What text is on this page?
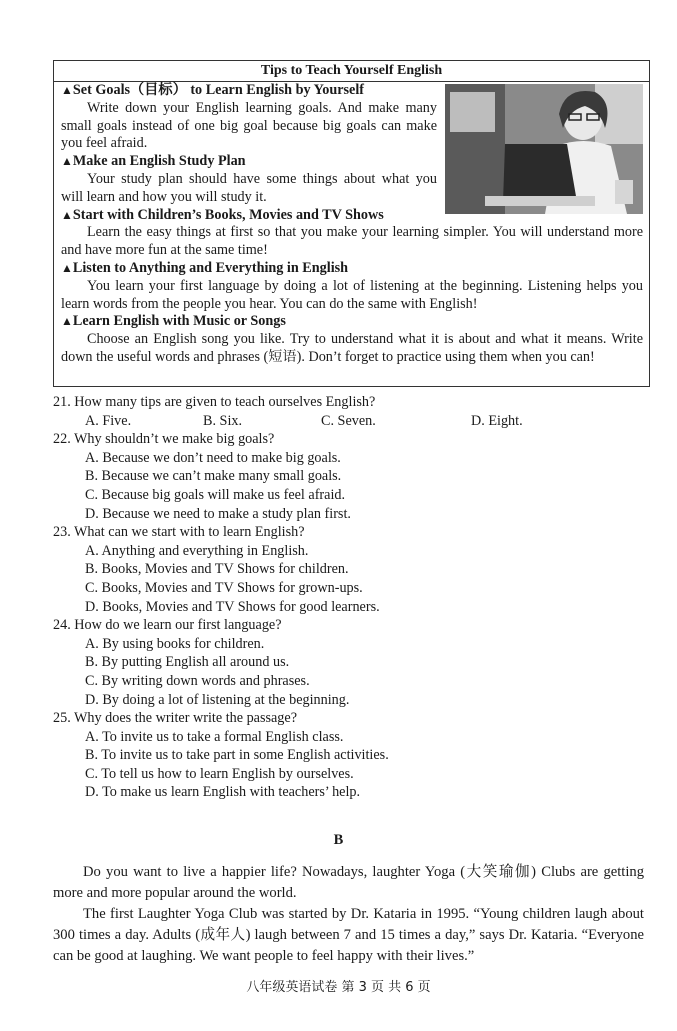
Tips to Teach Yourself English
▲ Set Goals（目标） to Learn English by Yourself
Write down your English learning goals. And make many small goals instead of one big goal because big goals can make you feel afraid.
▲ Make an English Study Plan
Your study plan should have some things about what you will learn and how you will study it.
▲ Start with Children’s Books, Movies and TV Shows
Learn the easy things at first so that you make your learning simpler. You will understand more and have more fun at the same time!
▲ Listen to Anything and Everything in English
You learn your first language by doing a lot of listening at the beginning. Listening helps you learn words from the people you hear. You can do the same with English!
▲ Learn English with Music or Songs
Choose an English song you like. Try to understand what it is about and what it means. Write down the useful words and phrases (短语). Don’t forget to practice using them when you can!
21. How many tips are given to teach ourselves English?
A. Five.	B. Six.	C. Seven.	D. Eight.
22. Why shouldn’t we make big goals?
A. Because we don’t need to make big goals.
B. Because we can’t make many small goals.
C. Because big goals will make us feel afraid.
D. Because we need to make a study plan first.
23. What can we start with to learn English?
A. Anything and everything in English.
B. Books, Movies and TV Shows for children.
C. Books, Movies and TV Shows for grown-ups.
D. Books, Movies and TV Shows for good learners.
24. How do we learn our first language?
A. By using books for children.
B. By putting English all around us.
C. By writing down words and phrases.
D. By doing a lot of listening at the beginning.
25. Why does the writer write the passage?
A. To invite us to take a formal English class.
B. To invite us to take part in some English activities.
C. To tell us how to learn English by ourselves.
D. To make us learn English with teachers’ help.
B

Do you want to live a happier life? Nowadays, laughter Yoga (大笑瑜伽) Clubs are getting more and more popular around the world.

The first Laughter Yoga Club was started by Dr. Kataria in 1995. “Young children laugh about 300 times a day. Adults (成年人) laugh between 7 and 15 times a day,” says Dr. Kataria. “Everyone can be good at laughing. We want people to feel happy with their lives.”

八年级英语试卷 第 3 页 共 6 页
